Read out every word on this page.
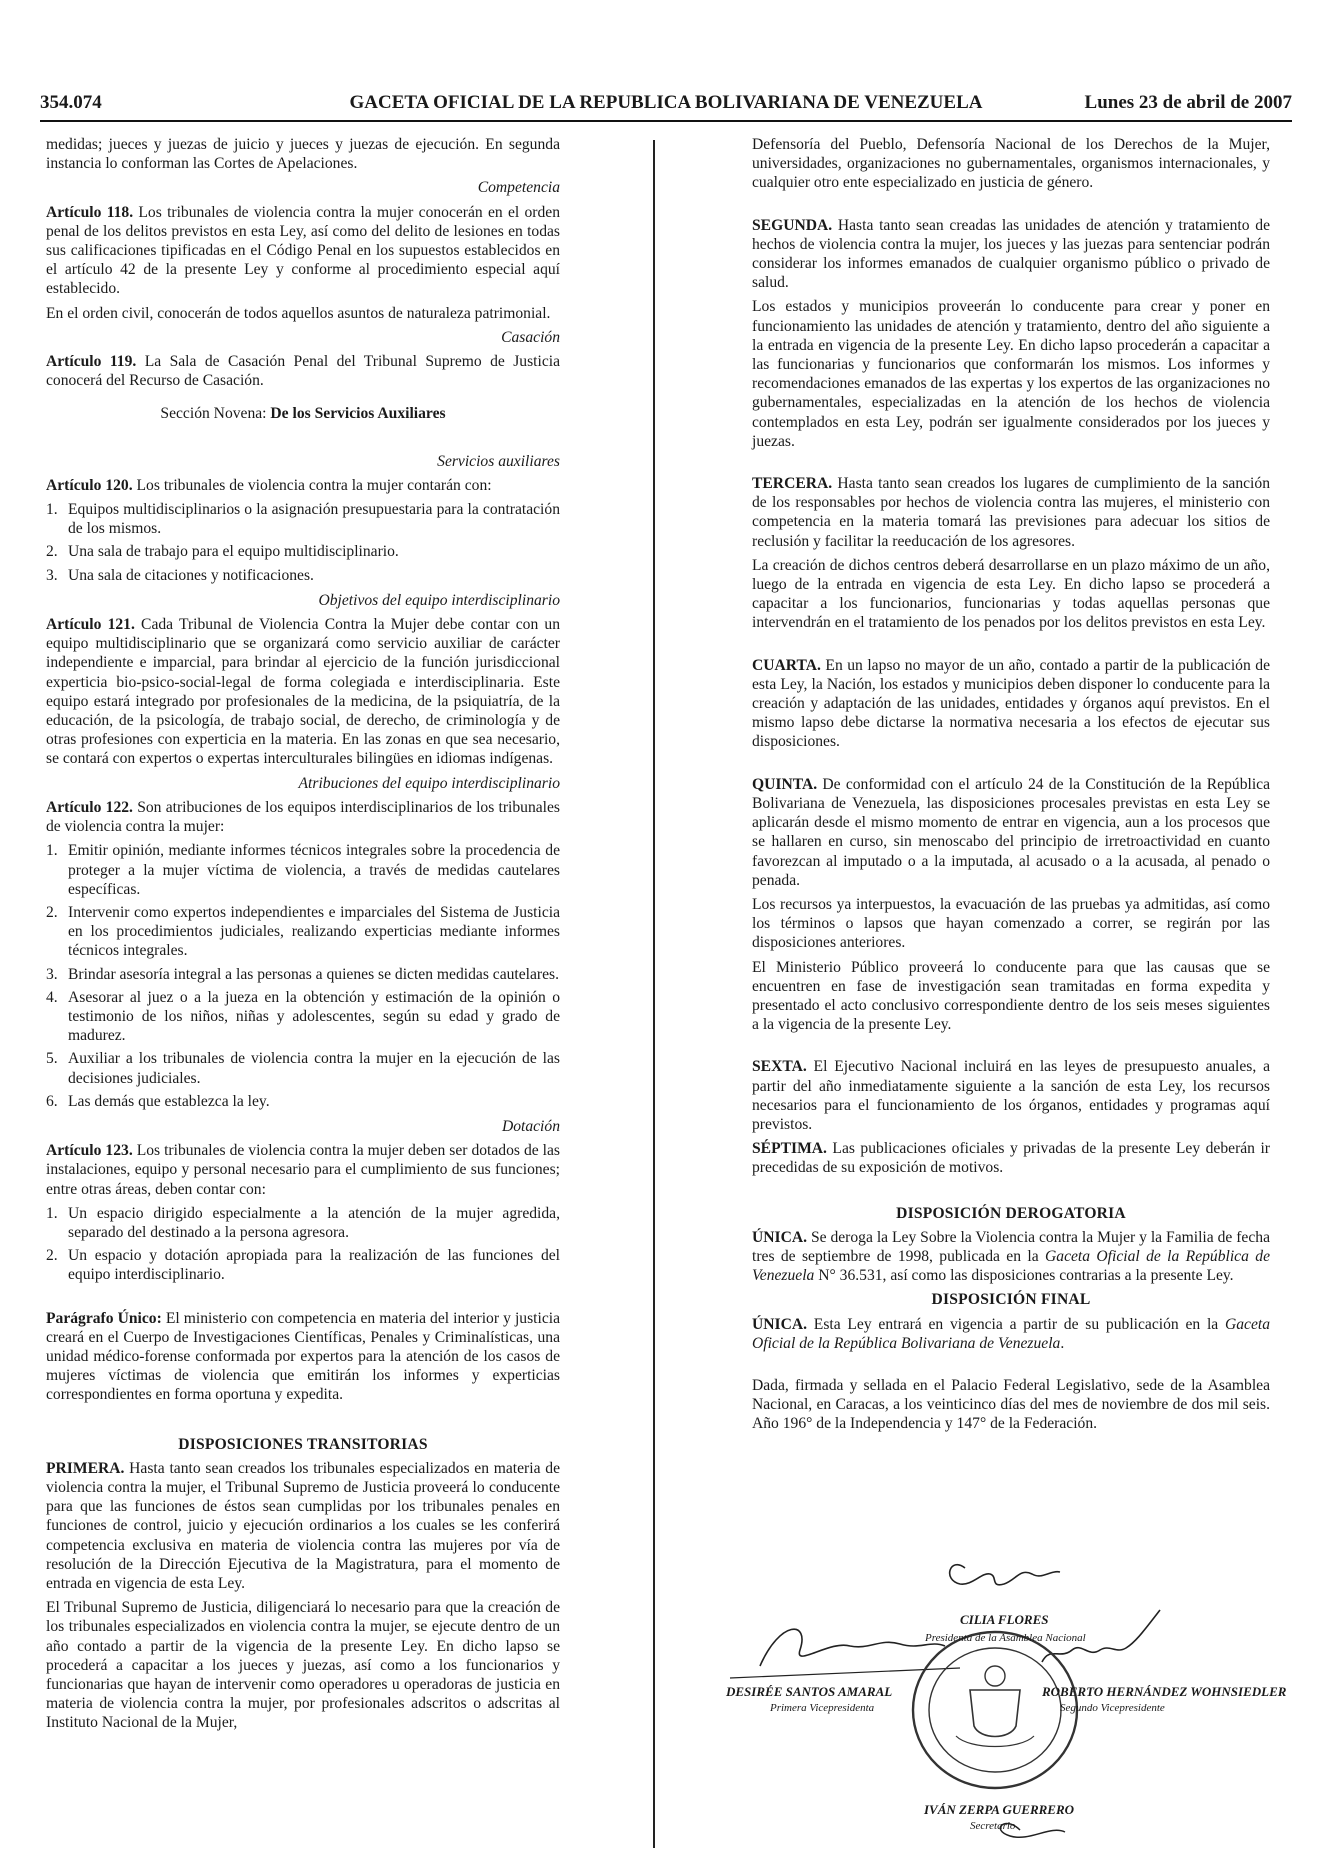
354.074	GACETA OFICIAL DE LA REPUBLICA BOLIVARIANA DE VENEZUELA	Lunes 23 de abril de 2007

medidas; jueces y juezas de juicio y jueces y juezas de ejecución. En segunda instancia lo conforman las Cortes de Apelaciones.

Competencia

Artículo 118. Los tribunales de violencia contra la mujer conocerán en el orden penal de los delitos previstos en esta Ley, así como del delito de lesiones en todas sus calificaciones tipificadas en el Código Penal en los supuestos establecidos en el artículo 42 de la presente Ley y conforme al procedimiento especial aquí establecido.

En el orden civil, conocerán de todos aquellos asuntos de naturaleza patrimonial.

Casación

Artículo 119. La Sala de Casación Penal del Tribunal Supremo de Justicia conocerá del Recurso de Casación.

Sección Novena: De los Servicios Auxiliares

Servicios auxiliares

Artículo 120. Los tribunales de violencia contra la mujer contarán con:

1. Equipos multidisciplinarios o la asignación presupuestaria para la contratación de los mismos.
2. Una sala de trabajo para el equipo multidisciplinario.
3. Una sala de citaciones y notificaciones.

Objetivos del equipo interdisciplinario

Artículo 121. Cada Tribunal de Violencia Contra la Mujer debe contar con un equipo multidisciplinario que se organizará como servicio auxiliar de carácter independiente e imparcial, para brindar al ejercicio de la función jurisdiccional experticia bio-psico-social-legal de forma colegiada e interdisciplinaria. Este equipo estará integrado por profesionales de la medicina, de la psiquiatría, de la educación, de la psicología, de trabajo social, de derecho, de criminología y de otras profesiones con experticia en la materia. En las zonas en que sea necesario, se contará con expertos o expertas interculturales bilingües en idiomas indígenas.

Atribuciones del equipo interdisciplinario

Artículo 122. Son atribuciones de los equipos interdisciplinarios de los tribunales de violencia contra la mujer:

1. Emitir opinión, mediante informes técnicos integrales sobre la procedencia de proteger a la mujer víctima de violencia, a través de medidas cautelares específicas.
2. Intervenir como expertos independientes e imparciales del Sistema de Justicia en los procedimientos judiciales, realizando experticias mediante informes técnicos integrales.
3. Brindar asesoría integral a las personas a quienes se dicten medidas cautelares.
4. Asesorar al juez o a la jueza en la obtención y estimación de la opinión o testimonio de los niños, niñas y adolescentes, según su edad y grado de madurez.
5. Auxiliar a los tribunales de violencia contra la mujer en la ejecución de las decisiones judiciales.
6. Las demás que establezca la ley.

Dotación

Artículo 123. Los tribunales de violencia contra la mujer deben ser dotados de las instalaciones, equipo y personal necesario para el cumplimiento de sus funciones; entre otras áreas, deben contar con:

1. Un espacio dirigido especialmente a la atención de la mujer agredida, separado del destinado a la persona agresora.
2. Un espacio y dotación apropiada para la realización de las funciones del equipo interdisciplinario.

Parágrafo Único: El ministerio con competencia en materia del interior y justicia creará en el Cuerpo de Investigaciones Científicas, Penales y Criminalísticas, una unidad médico-forense conformada por expertos para la atención de los casos de mujeres víctimas de violencia que emitirán los informes y experticias correspondientes en forma oportuna y expedita.

DISPOSICIONES TRANSITORIAS

PRIMERA. Hasta tanto sean creados los tribunales especializados en materia de violencia contra la mujer, el Tribunal Supremo de Justicia proveerá lo conducente para que las funciones de éstos sean cumplidas por los tribunales penales en funciones de control, juicio y ejecución ordinarios a los cuales se les conferirá competencia exclusiva en materia de violencia contra las mujeres por vía de resolución de la Dirección Ejecutiva de la Magistratura, para el momento de entrada en vigencia de esta Ley.

El Tribunal Supremo de Justicia, diligenciará lo necesario para que la creación de los tribunales especializados en violencia contra la mujer, se ejecute dentro de un año contado a partir de la vigencia de la presente Ley. En dicho lapso se procederá a capacitar a los jueces y juezas, así como a los funcionarios y funcionarias que hayan de intervenir como operadores u operadoras de justicia en materia de violencia contra la mujer, por profesionales adscritos o adscritas al Instituto Nacional de la Mujer,

Defensoría del Pueblo, Defensoría Nacional de los Derechos de la Mujer, universidades, organizaciones no gubernamentales, organismos internacionales, y cualquier otro ente especializado en justicia de género.

SEGUNDA. Hasta tanto sean creadas las unidades de atención y tratamiento de hechos de violencia contra la mujer, los jueces y las juezas para sentenciar podrán considerar los informes emanados de cualquier organismo público o privado de salud.

Los estados y municipios proveerán lo conducente para crear y poner en funcionamiento las unidades de atención y tratamiento, dentro del año siguiente a la entrada en vigencia de la presente Ley. En dicho lapso procederán a capacitar a las funcionarias y funcionarios que conformarán los mismos. Los informes y recomendaciones emanados de las expertas y los expertos de las organizaciones no gubernamentales, especializadas en la atención de los hechos de violencia contemplados en esta Ley, podrán ser igualmente considerados por los jueces y juezas.

TERCERA. Hasta tanto sean creados los lugares de cumplimiento de la sanción de los responsables por hechos de violencia contra las mujeres, el ministerio con competencia en la materia tomará las previsiones para adecuar los sitios de reclusión y facilitar la reeducación de los agresores.

La creación de dichos centros deberá desarrollarse en un plazo máximo de un año, luego de la entrada en vigencia de esta Ley. En dicho lapso se procederá a capacitar a los funcionarios, funcionarias y todas aquellas personas que intervendrán en el tratamiento de los penados por los delitos previstos en esta Ley.

CUARTA. En un lapso no mayor de un año, contado a partir de la publicación de esta Ley, la Nación, los estados y municipios deben disponer lo conducente para la creación y adaptación de las unidades, entidades y órganos aquí previstos. En el mismo lapso debe dictarse la normativa necesaria a los efectos de ejecutar sus disposiciones.

QUINTA. De conformidad con el artículo 24 de la Constitución de la República Bolivariana de Venezuela, las disposiciones procesales previstas en esta Ley se aplicarán desde el mismo momento de entrar en vigencia, aun a los procesos que se hallaren en curso, sin menoscabo del principio de irretroactividad en cuanto favorezcan al imputado o a la imputada, al acusado o a la acusada, al penado o penada.

Los recursos ya interpuestos, la evacuación de las pruebas ya admitidas, así como los términos o lapsos que hayan comenzado a correr, se regirán por las disposiciones anteriores.

El Ministerio Público proveerá lo conducente para que las causas que se encuentren en fase de investigación sean tramitadas en forma expedita y presentado el acto conclusivo correspondiente dentro de los seis meses siguientes a la vigencia de la presente Ley.

SEXTA. El Ejecutivo Nacional incluirá en las leyes de presupuesto anuales, a partir del año inmediatamente siguiente a la sanción de esta Ley, los recursos necesarios para el funcionamiento de los órganos, entidades y programas aquí previstos.

SÉPTIMA. Las publicaciones oficiales y privadas de la presente Ley deberán ir precedidas de su exposición de motivos.

DISPOSICIÓN DEROGATORIA

ÚNICA. Se deroga la Ley Sobre la Violencia contra la Mujer y la Familia de fecha tres de septiembre de 1998, publicada en la Gaceta Oficial de la República de Venezuela N° 36.531, así como las disposiciones contrarias a la presente Ley.

DISPOSICIÓN FINAL

ÚNICA. Esta Ley entrará en vigencia a partir de su publicación en la Gaceta Oficial de la República Bolivariana de Venezuela.

Dada, firmada y sellada en el Palacio Federal Legislativo, sede de la Asamblea Nacional, en Caracas, a los veinticinco días del mes de noviembre de dos mil seis. Año 196° de la Independencia y 147° de la Federación.

CILIA FLORES
Presidenta de la Asamblea Nacional
DESIRÉE SANTOS AMARAL
Primera Vicepresidenta
ROBERTO HERNÁNDEZ WOHNSIEDLER
Segundo Vicepresidente
IVÁN ZERPA GUERRERO
Secretario
